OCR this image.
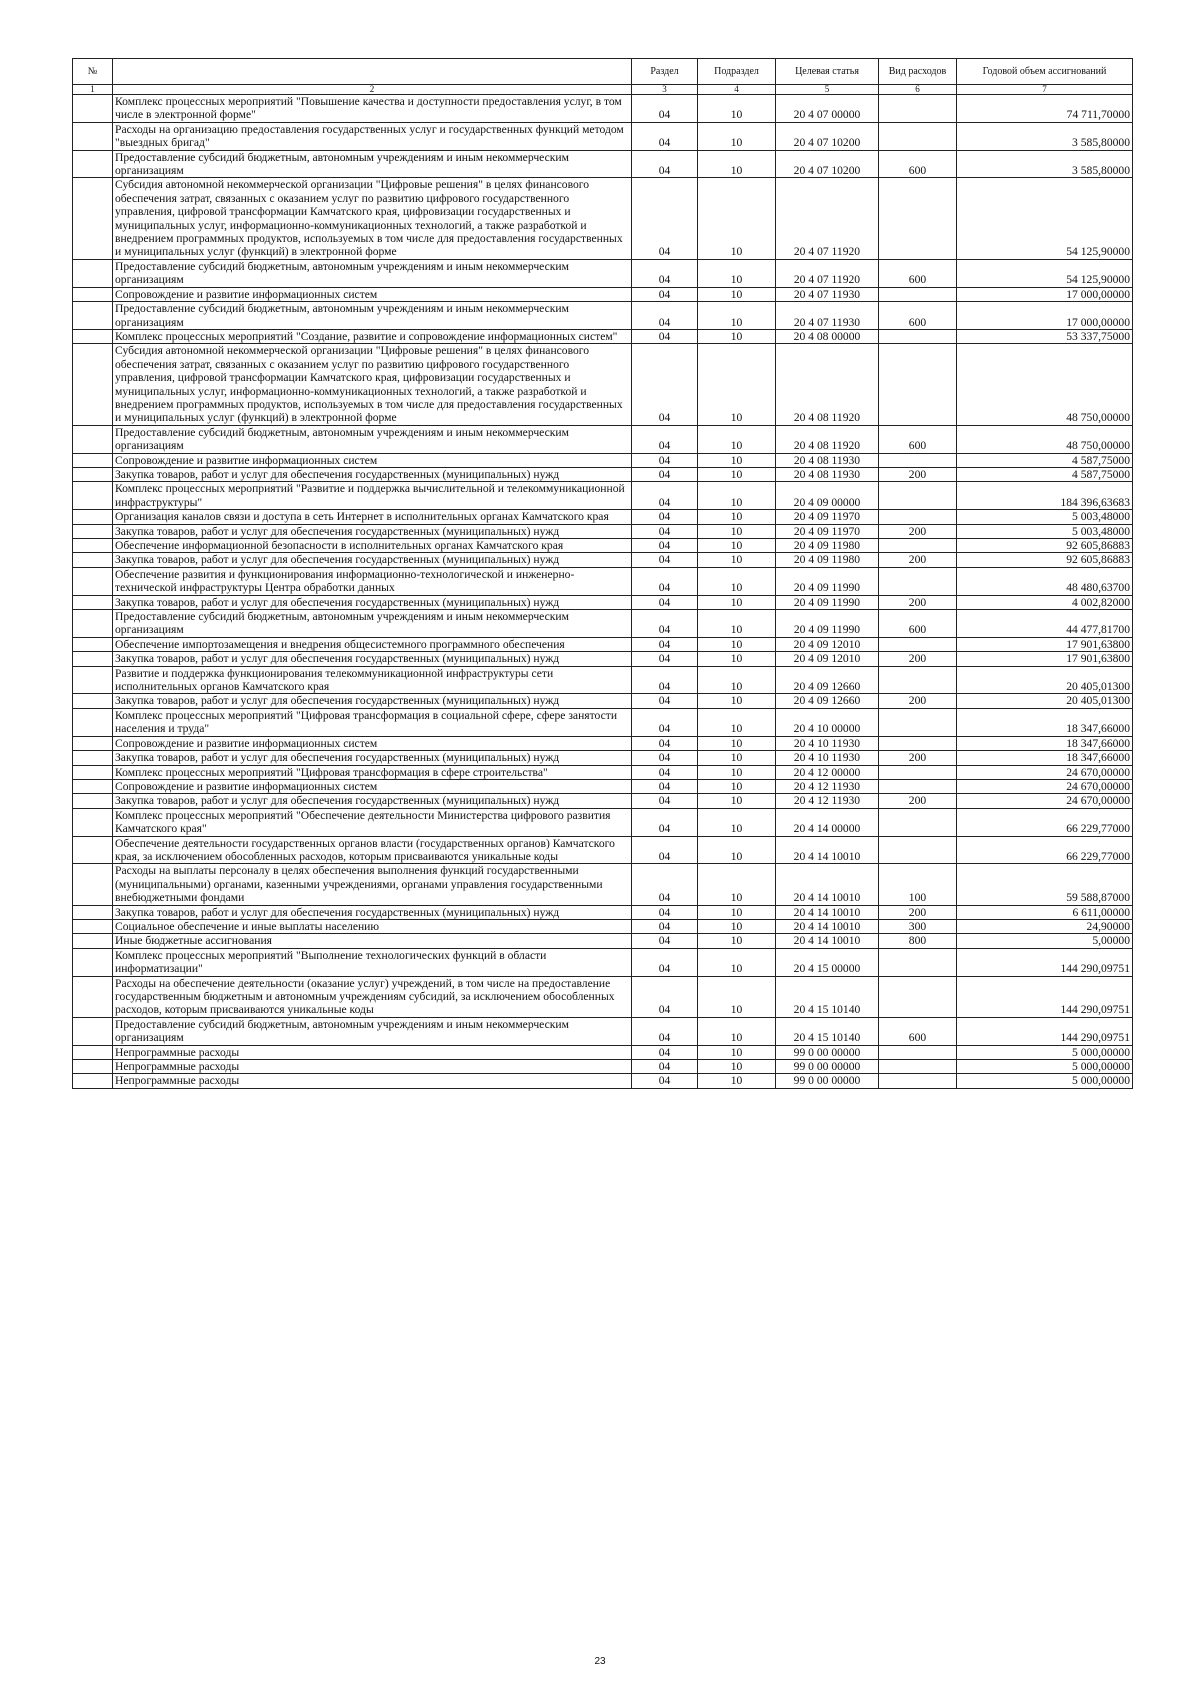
№		Раздел	Подраздел	Целевая статья	Вид расходов	Годовой объем ассигнований
1	2	3	4	5	6	7
	Комплекс процессных мероприятий "Повышение качества и доступности предоставления услуг, в том числе в электронной форме"	04	10	20 4 07 00000		74 711,70000
	Расходы на организацию предоставления государственных услуг и государственных функций методом "выездных бригад"	04	10	20 4 07 10200		3 585,80000
	Предоставление субсидий бюджетным, автономным учреждениям и иным некоммерческим организациям	04	10	20 4 07 10200	600	3 585,80000
	Субсидия автономной некоммерческой организации "Цифровые решения" в целях финансового обеспечения затрат, связанных с оказанием услуг по развитию цифрового государственного управления, цифровой трансформации Камчатского края, цифровизации государственных и муниципальных услуг, информационно-коммуникационных технологий, а также разработкой и внедрением программных продуктов, используемых в том числе для предоставления государственных и муниципальных услуг (функций) в электронной форме	04	10	20 4 07 11920		54 125,90000
	Предоставление субсидий бюджетным, автономным учреждениям и иным некоммерческим организациям	04	10	20 4 07 11920	600	54 125,90000
	Сопровождение и развитие информационных систем	04	10	20 4 07 11930		17 000,00000
	Предоставление субсидий бюджетным, автономным учреждениям и иным некоммерческим организациям	04	10	20 4 07 11930	600	17 000,00000
	Комплекс процессных мероприятий "Создание, развитие и сопровождение информационных систем"	04	10	20 4 08 00000		53 337,75000
	Субсидия автономной некоммерческой организации "Цифровые решения" в целях финансового обеспечения затрат, связанных с оказанием услуг по развитию цифрового государственного управления, цифровой трансформации Камчатского края, цифровизации государственных и муниципальных услуг, информационно-коммуникационных технологий, а также разработкой и внедрением программных продуктов, используемых в том числе для предоставления государственных и муниципальных услуг (функций) в электронной форме	04	10	20 4 08 11920		48 750,00000
	Предоставление субсидий бюджетным, автономным учреждениям и иным некоммерческим организациям	04	10	20 4 08 11920	600	48 750,00000
	Сопровождение и развитие информационных систем	04	10	20 4 08 11930		4 587,75000
	Закупка товаров, работ и услуг для обеспечения государственных (муниципальных) нужд	04	10	20 4 08 11930	200	4 587,75000
	Комплекс процессных мероприятий "Развитие и поддержка вычислительной и телекоммуникационной инфраструктуры"	04	10	20 4 09 00000		184 396,63683
	Организация каналов связи и доступа в сеть Интернет в исполнительных органах Камчатского края	04	10	20 4 09 11970		5 003,48000
	Закупка товаров, работ и услуг для обеспечения государственных (муниципальных) нужд	04	10	20 4 09 11970	200	5 003,48000
	Обеспечение информационной безопасности в исполнительных органах Камчатского края	04	10	20 4 09 11980		92 605,86883
	Закупка товаров, работ и услуг для обеспечения государственных (муниципальных) нужд	04	10	20 4 09 11980	200	92 605,86883
	Обеспечение развития и функционирования информационно-технологической и инженерно-технической инфраструктуры Центра обработки данных	04	10	20 4 09 11990		48 480,63700
	Закупка товаров, работ и услуг для обеспечения государственных (муниципальных) нужд	04	10	20 4 09 11990	200	4 002,82000
	Предоставление субсидий бюджетным, автономным учреждениям и иным некоммерческим организациям	04	10	20 4 09 11990	600	44 477,81700
	Обеспечение импортозамещения и внедрения общесистемного программного обеспечения	04	10	20 4 09 12010		17 901,63800
	Закупка товаров, работ и услуг для обеспечения государственных (муниципальных) нужд	04	10	20 4 09 12010	200	17 901,63800
	Развитие и поддержка функционирования телекоммуникационной инфраструктуры сети исполнительных органов Камчатского края	04	10	20 4 09 12660		20 405,01300
	Закупка товаров, работ и услуг для обеспечения государственных (муниципальных) нужд	04	10	20 4 09 12660	200	20 405,01300
	Комплекс процессных мероприятий "Цифровая трансформация в социальной сфере, сфере занятости населения и труда"	04	10	20 4 10 00000		18 347,66000
	Сопровождение и развитие информационных систем	04	10	20 4 10 11930		18 347,66000
	Закупка товаров, работ и услуг для обеспечения государственных (муниципальных) нужд	04	10	20 4 10 11930	200	18 347,66000
	Комплекс процессных мероприятий "Цифровая трансформация в сфере строительства"	04	10	20 4 12 00000		24 670,00000
	Сопровождение и развитие информационных систем	04	10	20 4 12 11930		24 670,00000
	Закупка товаров, работ и услуг для обеспечения государственных (муниципальных) нужд	04	10	20 4 12 11930	200	24 670,00000
	Комплекс процессных мероприятий "Обеспечение деятельности Министерства цифрового развития Камчатского края"	04	10	20 4 14 00000		66 229,77000
	Обеспечение деятельности государственных органов власти (государственных органов) Камчатского края, за исключением обособленных расходов, которым присваиваются уникальные коды	04	10	20 4 14 10010		66 229,77000
	Расходы на выплаты персоналу в целях обеспечения выполнения функций государственными (муниципальными) органами, казенными учреждениями, органами управления государственными внебюджетными фондами	04	10	20 4 14 10010	100	59 588,87000
	Закупка товаров, работ и услуг для обеспечения государственных (муниципальных) нужд	04	10	20 4 14 10010	200	6 611,00000
	Социальное обеспечение и иные выплаты населению	04	10	20 4 14 10010	300	24,90000
	Иные бюджетные ассигнования	04	10	20 4 14 10010	800	5,00000
	Комплекс процессных мероприятий "Выполнение технологических функций в области информатизации"	04	10	20 4 15 00000		144 290,09751
	Расходы на обеспечение деятельности (оказание услуг) учреждений, в том числе на предоставление государственным бюджетным и автономным учреждениям субсидий, за исключением обособленных расходов, которым присваиваются уникальные коды	04	10	20 4 15 10140		144 290,09751
	Предоставление субсидий бюджетным, автономным учреждениям и иным некоммерческим организациям	04	10	20 4 15 10140	600	144 290,09751
	Непрограммные расходы	04	10	99 0 00 00000		5 000,00000
	Непрограммные расходы	04	10	99 0 00 00000		5 000,00000
	Непрограммные расходы	04	10	99 0 00 00000		5 000,00000
23
